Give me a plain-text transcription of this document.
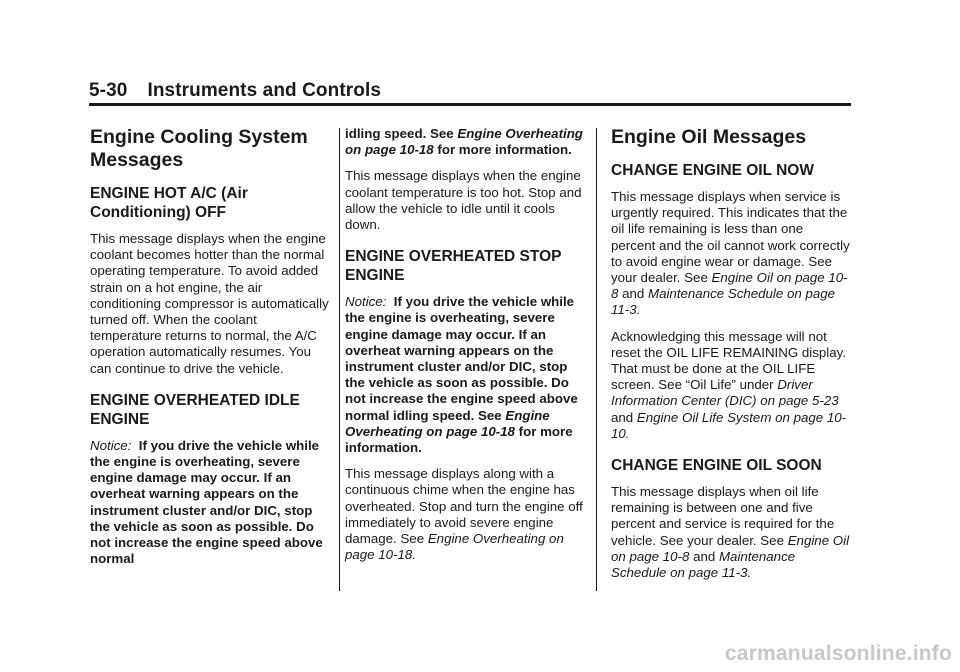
5-30 Instruments and Controls
Engine Cooling System
Messages
ENGINE HOT A/C (Air
Conditioning) OFF

This message displays when the engine coolant becomes hotter than the normal operating temperature. To avoid added strain on a hot engine, the air conditioning compressor is automatically turned off. When the coolant temperature returns to normal, the A/C operation automatically resumes. You can continue to drive the vehicle.

ENGINE OVERHEATED IDLE
ENGINE

Notice: If you drive the vehicle while the engine is overheating, severe engine damage may occur. If an overheat warning appears on the instrument cluster and/or DIC, stop the vehicle as soon as possible. Do not increase the engine speed above normal

idling speed. See Engine Overheating on page 10-18 for more information.

This message displays when the engine coolant temperature is too hot. Stop and allow the vehicle to idle until it cools down.

ENGINE OVERHEATED STOP
ENGINE

Notice: If you drive the vehicle while the engine is overheating, severe engine damage may occur. If an overheat warning appears on the instrument cluster and/or DIC, stop the vehicle as soon as possible. Do not increase the engine speed above normal idling speed. See Engine Overheating on page 10-18 for more information.

This message displays along with a continuous chime when the engine has overheated. Stop and turn the engine off immediately to avoid severe engine damage. See Engine Overheating on page 10-18.

Engine Oil Messages
CHANGE ENGINE OIL NOW

This message displays when service is urgently required. This indicates that the oil life remaining is less than one percent and the oil cannot work correctly to avoid engine wear or damage. See your dealer. See Engine Oil on page 10-8 and Maintenance Schedule on page 11-3.

Acknowledging this message will not reset the OIL LIFE REMAINING display. That must be done at the OIL LIFE screen. See “Oil Life” under Driver Information Center (DIC) on page 5-23 and Engine Oil Life System on page 10-10.

CHANGE ENGINE OIL SOON

This message displays when oil life remaining is between one and five percent and service is required for the vehicle. See your dealer. See Engine Oil on page 10-8 and Maintenance Schedule on page 11-3.

carmanualsonline.info
